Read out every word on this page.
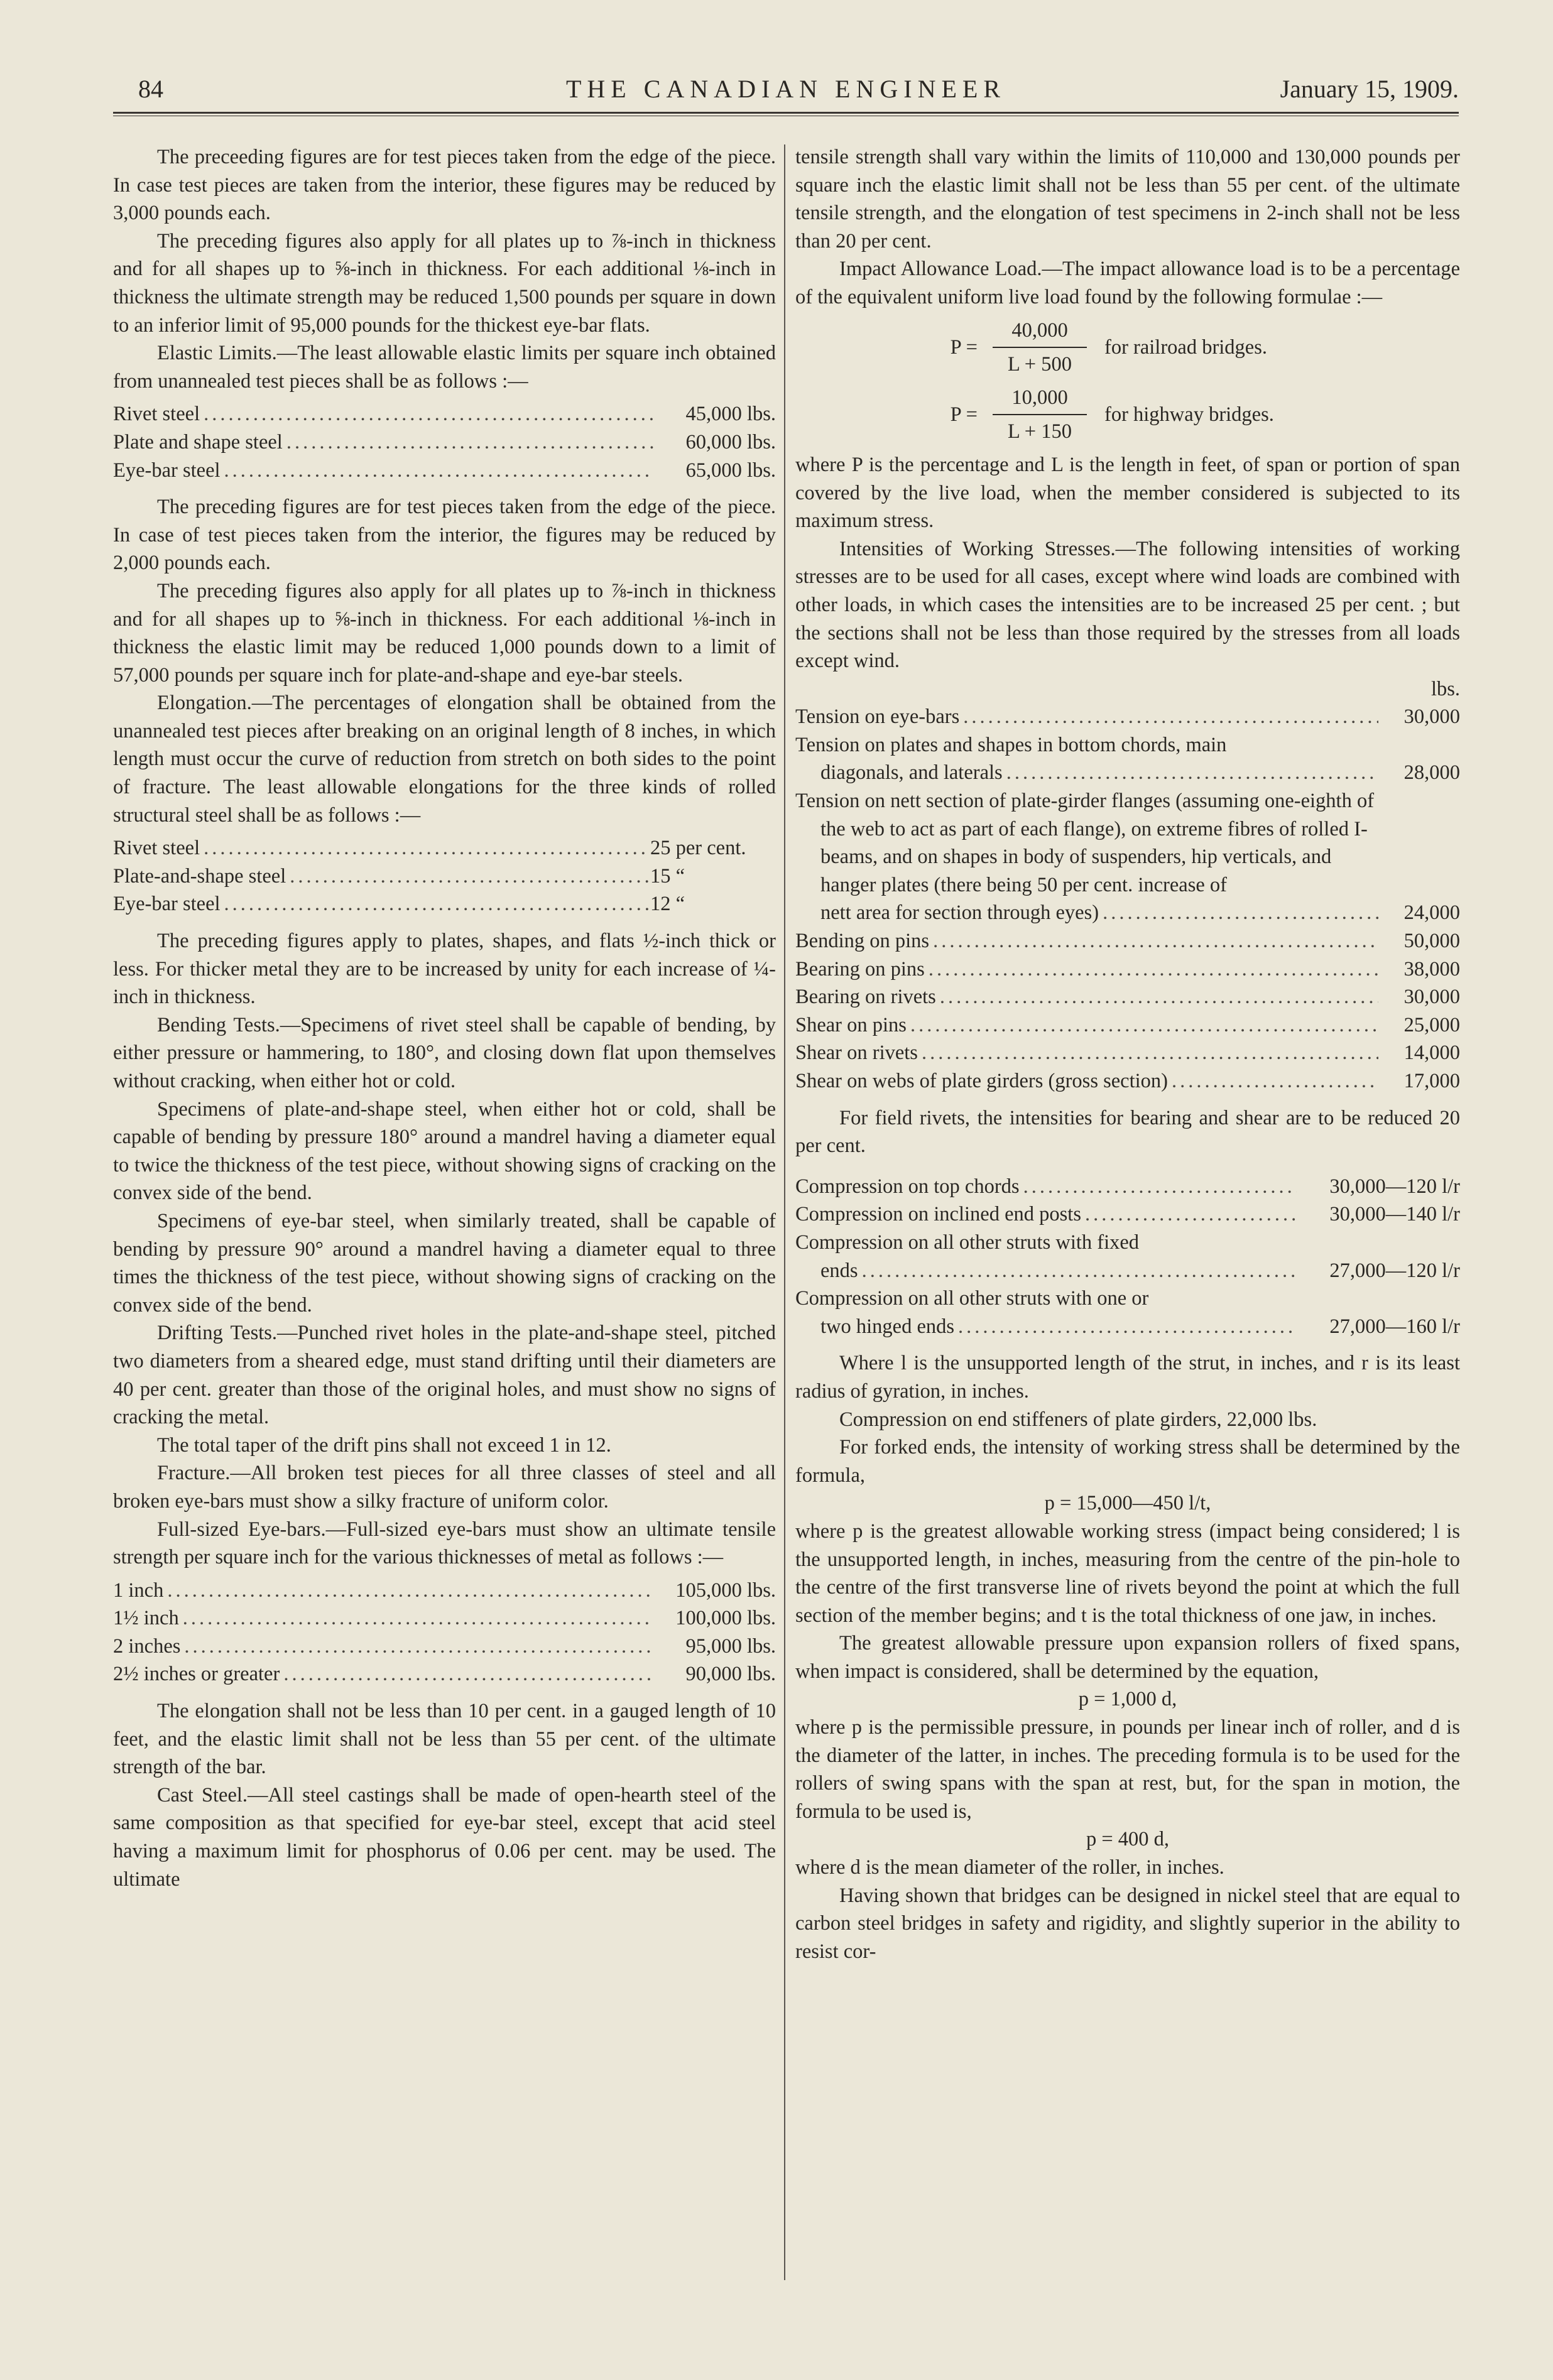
84	THE CANADIAN ENGINEER	January 15, 1909.

The preceeding figures are for test pieces taken from the edge of the piece. In case test pieces are taken from the interior, these figures may be reduced by 3,000 pounds each.

The preceding figures also apply for all plates up to ⅞-inch in thickness and for all shapes up to ⅝-inch in thickness. For each additional ⅛-inch in thickness the ultimate strength may be reduced 1,500 pounds per square in down to an inferior limit of 95,000 pounds for the thickest eye-bar flats.

Elastic Limits.—The least allowable elastic limits per square inch obtained from unannealed test pieces shall be as follows :—

Rivet steel .....	45,000 lbs.
Plate and shape steel .....	60,000 lbs.
Eye-bar steel .....	65,000 lbs.

The preceding figures are for test pieces taken from the edge of the piece. In case of test pieces taken from the interior, the figures may be reduced by 2,000 pounds each.

The preceding figures also apply for all plates up to ⅞-inch in thickness and for all shapes up to ⅝-inch in thickness. For each additional ⅛-inch in thickness the elastic limit may be reduced 1,000 pounds down to a limit of 57,000 pounds per square inch for plate-and-shape and eye-bar steels.

Elongation.—The percentages of elongation shall be obtained from the unannealed test pieces after breaking on an original length of 8 inches, in which length must occur the curve of reduction from stretch on both sides to the point of fracture. The least allowable elongations for the three kinds of rolled structural steel shall be as follows :—

Rivet steel .....	25 per cent.
Plate-and-shape steel .....	15 “
Eye-bar steel .....	12 “

The preceding figures apply to plates, shapes, and flats ½-inch thick or less. For thicker metal they are to be increased by unity for each increase of ¼-inch in thickness.

Bending Tests.—Specimens of rivet steel shall be capable of bending, by either pressure or hammering, to 180°, and closing down flat upon themselves without cracking, when either hot or cold.

Specimens of plate-and-shape steel, when either hot or cold, shall be capable of bending by pressure 180° around a mandrel having a diameter equal to twice the thickness of the test piece, without showing signs of cracking on the convex side of the bend.

Specimens of eye-bar steel, when similarly treated, shall be capable of bending by pressure 90° around a mandrel having a diameter equal to three times the thickness of the test piece, without showing signs of cracking on the convex side of the bend.

Drifting Tests.—Punched rivet holes in the plate-and-shape steel, pitched two diameters from a sheared edge, must stand drifting until their diameters are 40 per cent. greater than those of the original holes, and must show no signs of cracking the metal.

The total taper of the drift pins shall not exceed 1 in 12.

Fracture.—All broken test pieces for all three classes of steel and all broken eye-bars must show a silky fracture of uniform color.

Full-sized Eye-bars.—Full-sized eye-bars must show an ultimate tensile strength per square inch for the various thicknesses of metal as follows :—

1 inch .....	105,000 lbs.
1½ inch .....	100,000 lbs.
2 inches .....	95,000 lbs.
2½ inches or greater .....	90,000 lbs.

The elongation shall not be less than 10 per cent. in a gauged length of 10 feet, and the elastic limit shall not be less than 55 per cent. of the ultimate strength of the bar.

Cast Steel.—All steel castings shall be made of open-hearth steel of the same composition as that specified for eye-bar steel, except that acid steel having a maximum limit for phosphorus of 0.06 per cent. may be used. The ultimate

tensile strength shall vary within the limits of 110,000 and 130,000 pounds per square inch the elastic limit shall not be less than 55 per cent. of the ultimate tensile strength, and the elongation of test specimens in 2-inch shall not be less than 20 per cent.

Impact Allowance Load.—The impact allowance load is to be a percentage of the equivalent uniform live load found by the following formulae :—

$P = \frac{40,000}{L + 500}$ for railroad bridges.
$P = \frac{10,000}{L + 150}$ for highway bridges.

where P is the percentage and L is the length in feet, of span or portion of span covered by the live load, when the member considered is subjected to its maximum stress.

Intensities of Working Stresses.—The following intensities of working stresses are to be used for all cases, except where wind loads are combined with other loads, in which cases the intensities are to be increased 25 per cent. ; but the sections shall not be less than those required by the stresses from all loads except wind.

lbs.

Tension on eye-bars .....	30,000
Tension on plates and shapes in bottom chords, main
diagonals, and laterals .....	28,000
Tension on nett section of plate-girder flanges (assuming one-eighth of the web to act as part of each flange), on extreme fibres of rolled I-beams, and on shapes in body of suspenders, hip verticals, and hanger plates (there being 50 per cent. increase of
nett area for section through eyes) .....	24,000
Bending on pins .....	50,000
Bearing on pins .....	38,000
Bearing on rivets .....	30,000
Shear on pins .....	25,000
Shear on rivets .....	14,000
Shear on webs of plate girders (gross section) .....	17,000

For field rivets, the intensities for bearing and shear are to be reduced 20 per cent.

Compression on top chords .....	30,000—120 l/r
Compression on inclined end posts .....	30,000—140 l/r
Compression on all other struts with fixed
ends .....	27,000—120 l/r
Compression on all other struts with one or
two hinged ends .....	27,000—160 l/r

Where l is the unsupported length of the strut, in inches, and r is its least radius of gyration, in inches.

Compression on end stiffeners of plate girders, 22,000 lbs.

For forked ends, the intensity of working stress shall be determined by the formula,

p = 15,000—450 l/t,

where p is the greatest allowable working stress (impact being considered; l is the unsupported length, in inches, measuring from the centre of the pin-hole to the centre of the first transverse line of rivets beyond the point at which the full section of the member begins; and t is the total thickness of one jaw, in inches.

The greatest allowable pressure upon expansion rollers of fixed spans, when impact is considered, shall be determined by the equation,

p = 1,000 d,

where p is the permissible pressure, in pounds per linear inch of roller, and d is the diameter of the latter, in inches. The preceding formula is to be used for the rollers of swing spans with the span at rest, but, for the span in motion, the formula to be used is,

p = 400 d,

where d is the mean diameter of the roller, in inches.

Having shown that bridges can be designed in nickel steel that are equal to carbon steel bridges in safety and rigidity, and slightly superior in the ability to resist cor-
